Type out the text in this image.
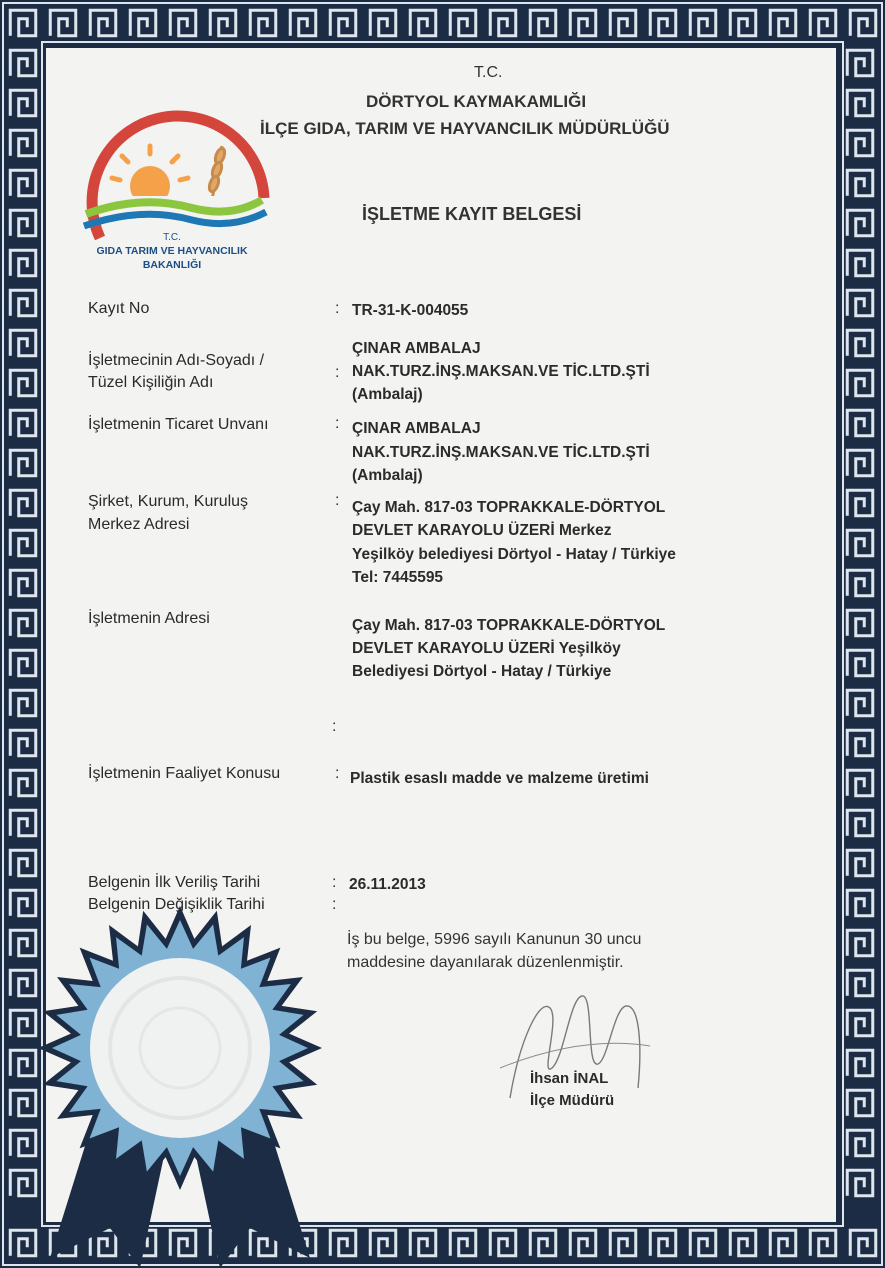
T.C.
GIDA TARIM VE HAYVANCILIK
BAKANLIĞI
T.C.
DÖRTYOL KAYMAKAMLIĞI
İLÇE GIDA, TARIM VE HAYVANCILIK MÜDÜRLÜĞÜ
İŞLETME KAYIT BELGESİ
Kayıt No
İşletmecinin Adı-Soyadı /
Tüzel Kişiliğin Adı
İşletmenin Ticaret Unvanı
Şirket, Kurum, Kuruluş
Merkez Adresi
İşletmenin Adresi
İşletmenin Faaliyet Konusu
Belgenin İlk Veriliş Tarihi
Belgenin Değişiklik Tarihi
:
:
:
:
:
:
:
:
TR-31-K-004055
ÇINAR AMBALAJ
NAK.TURZ.İNŞ.MAKSAN.VE TİC.LTD.ŞTİ
(Ambalaj)
ÇINAR AMBALAJ
NAK.TURZ.İNŞ.MAKSAN.VE TİC.LTD.ŞTİ
(Ambalaj)
Çay Mah. 817-03 TOPRAKKALE-DÖRTYOL
DEVLET KARAYOLU ÜZERİ Merkez
Yeşilköy belediyesi Dörtyol - Hatay / Türkiye
Tel: 7445595
Çay Mah. 817-03 TOPRAKKALE-DÖRTYOL
DEVLET KARAYOLU ÜZERİ Yeşilköy
Belediyesi Dörtyol - Hatay / Türkiye
Plastik esaslı madde ve malzeme üretimi
26.11.2013
İş bu belge, 5996 sayılı Kanunun 30 uncu
maddesine dayanılarak düzenlenmiştir.
İhsan İNAL
İlçe Müdürü
